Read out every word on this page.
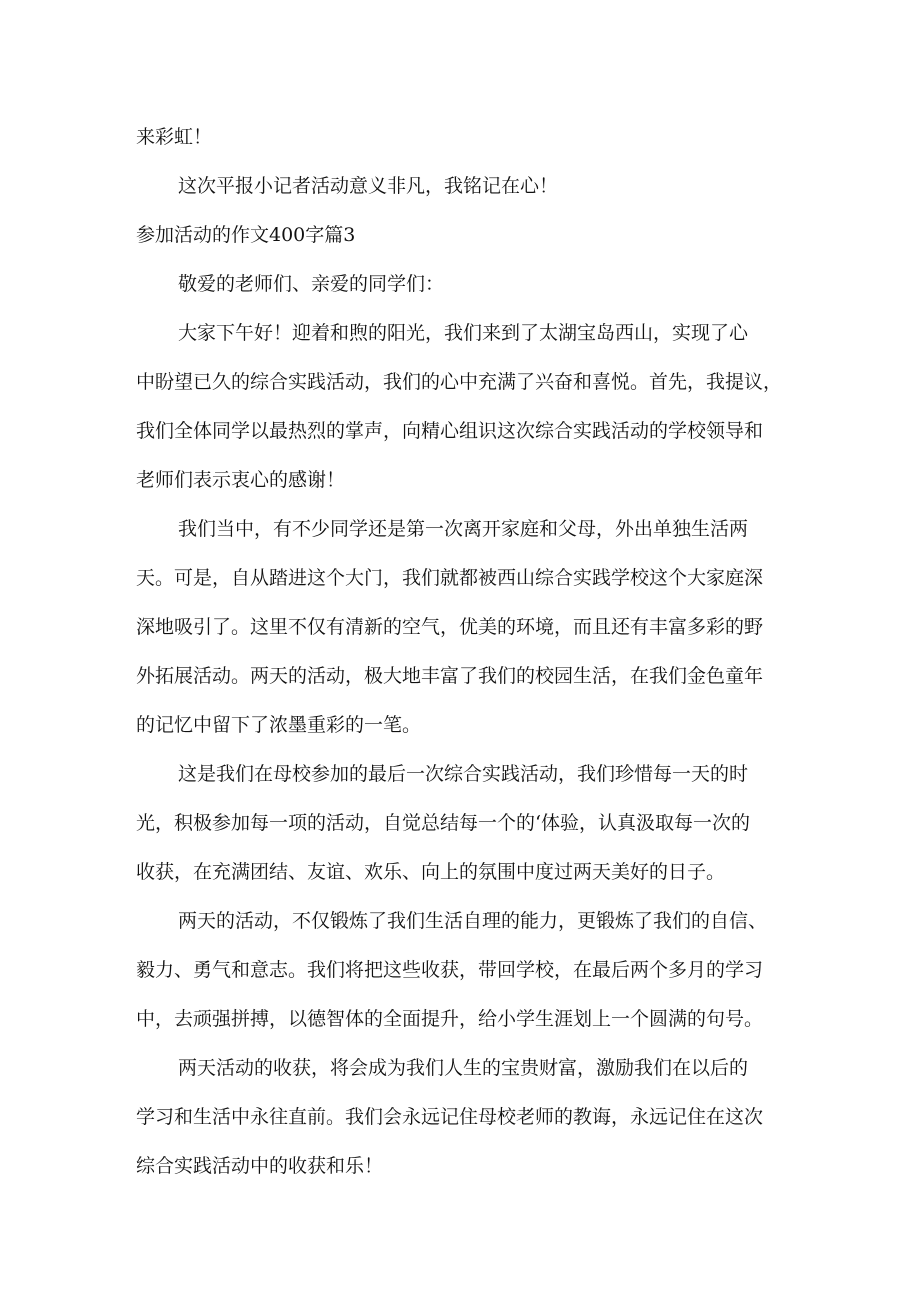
来彩虹！
这次平报小记者活动意义非凡，我铭记在心！
参加活动的作文400字篇3
敬爱的老师们、亲爱的同学们：
大家下午好！迎着和煦的阳光，我们来到了太湖宝岛西山，实现了心
中盼望已久的综合实践活动，我们的心中充满了兴奋和喜悦。首先，我提议，
我们全体同学以最热烈的掌声，向精心组识这次综合实践活动的学校领导和
老师们表示衷心的感谢！
我们当中，有不少同学还是第一次离开家庭和父母，外出单独生活两
天。可是，自从踏进这个大门，我们就都被西山综合实践学校这个大家庭深
深地吸引了。这里不仅有清新的空气，优美的环境，而且还有丰富多彩的野
外拓展活动。两天的活动，极大地丰富了我们的校园生活，在我们金色童年
的记忆中留下了浓墨重彩的一笔。
这是我们在母校参加的最后一次综合实践活动，我们珍惜每一天的时
光，积极参加每一项的活动，自觉总结每一个的‘体验，认真汲取每一次的
收获，在充满团结、友谊、欢乐、向上的氛围中度过两天美好的日子。
两天的活动，不仅锻炼了我们生活自理的能力，更锻炼了我们的自信、
毅力、勇气和意志。我们将把这些收获，带回学校，在最后两个多月的学习
中，去顽强拼搏，以德智体的全面提升，给小学生涯划上一个圆满的句号。
两天活动的收获，将会成为我们人生的宝贵财富，激励我们在以后的
学习和生活中永往直前。我们会永远记住母校老师的教诲，永远记住在这次
综合实践活动中的收获和乐！
